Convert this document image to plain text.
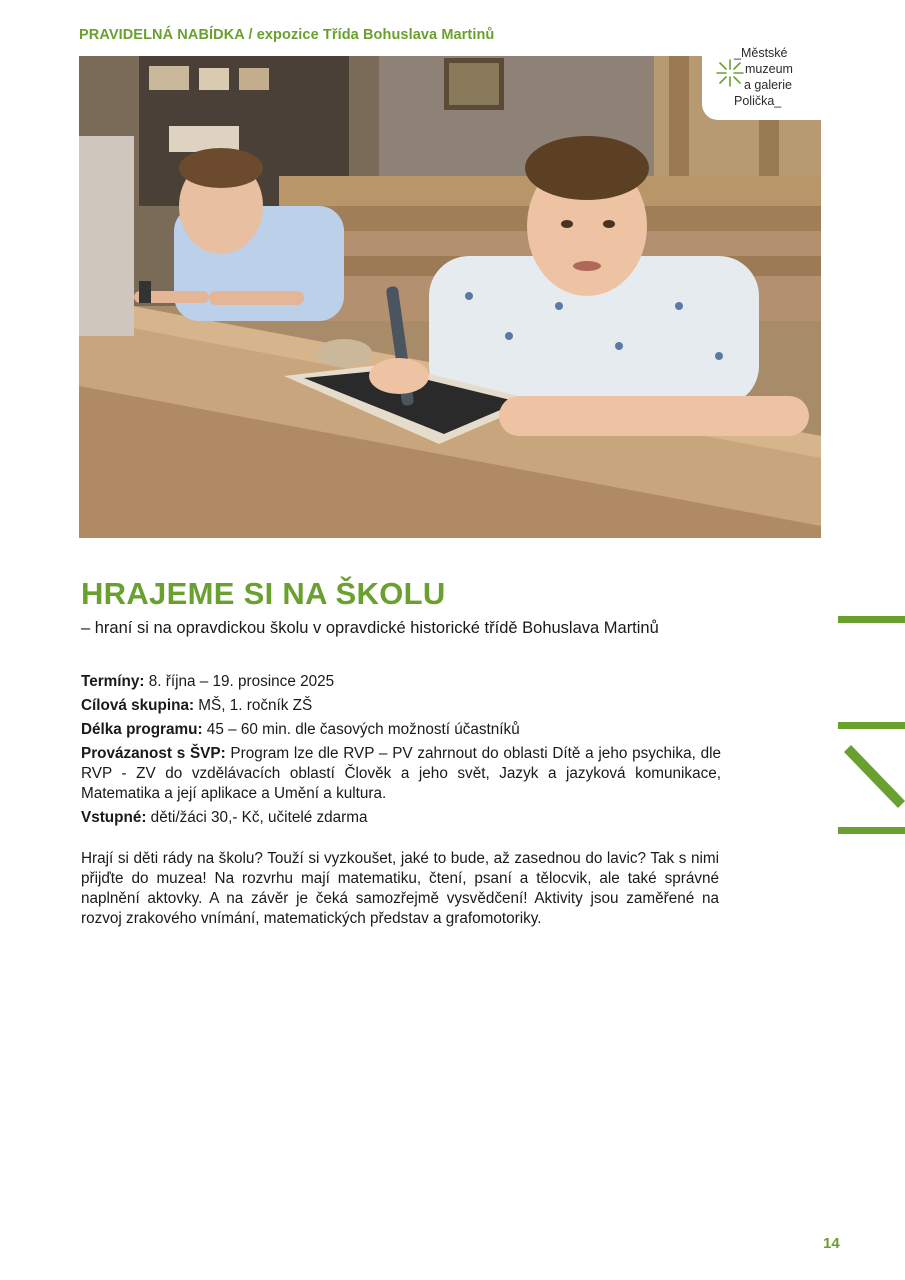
PRAVIDELNÁ NABÍDKA / expozice Třída Bohuslava Martinů
_Městské
muzeum
a galerie
Polička_
HRAJEME SI NA ŠKOLU
– hraní si na opravdickou školu v opravdické historické třídě Bohuslava Martinů

Termíny: 8. října – 19. prosince 2025

Cílová skupina: MŠ, 1. ročník ZŠ

Délka programu: 45 – 60 min. dle časových možností účastníků

Provázanost s ŠVP: Program lze dle RVP – PV zahrnout do oblasti Dítě a jeho psychika, dle RVP - ZV do vzdělávacích oblastí Člověk a jeho svět, Jazyk a jazyková komunikace, Matematika a její aplikace a Umění a kultura.

Vstupné: děti/žáci 30,- Kč, učitelé zdarma

Hrají si děti rády na školu? Touží si vyzkoušet, jaké to bude, až zasednou do lavic? Tak s nimi přijďte do muzea! Na rozvrhu mají matematiku, čtení, psaní a tělocvik, ale také správné naplnění aktovky. A na závěr je čeká samozřejmě vysvědčení! Aktivity jsou zaměřené na rozvoj zrakového vnímání, matematických představ a grafomotoriky.

14
